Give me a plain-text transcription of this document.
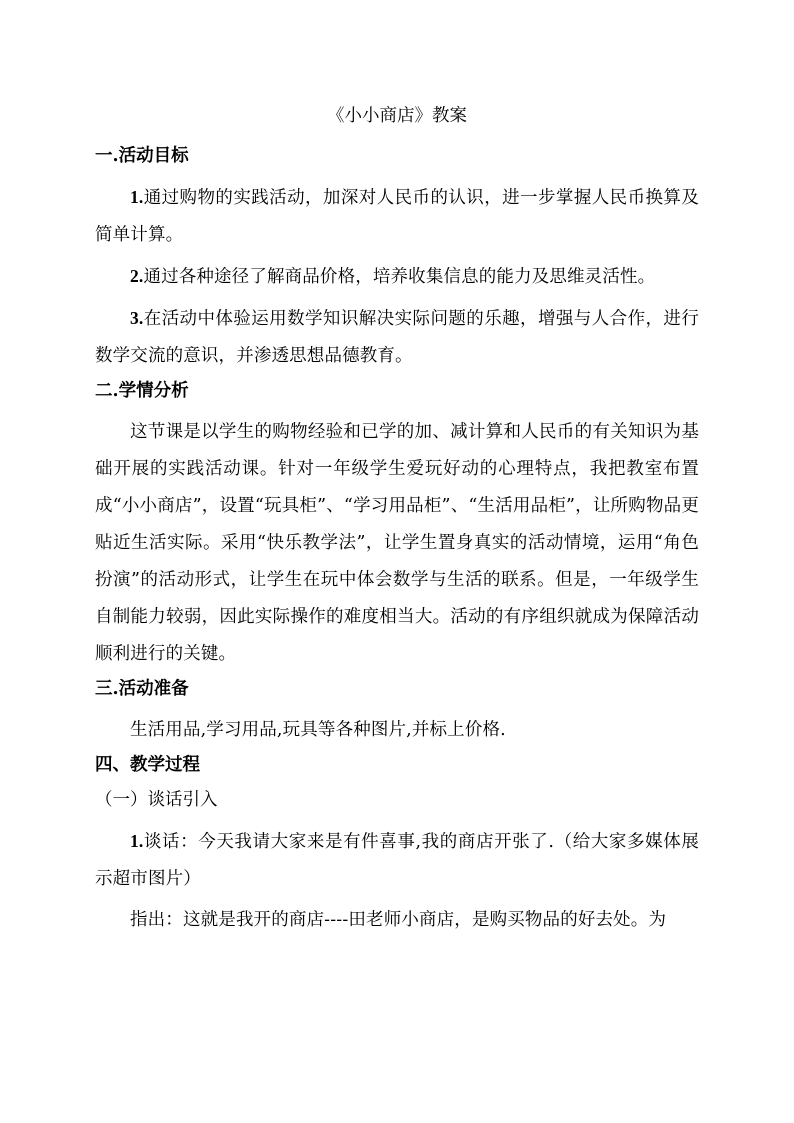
《小小商店》教案
一.活动目标

1.通过购物的实践活动，加深对人民币的认识，进一步掌握人民币换算及简单计算。

2.通过各种途径了解商品价格，培养收集信息的能力及思维灵活性。

3.在活动中体验运用数学知识解决实际问题的乐趣，增强与人合作，进行数学交流的意识，并渗透思想品德教育。

二.学情分析

这节课是以学生的购物经验和已学的加、减计算和人民币的有关知识为基础开展的实践活动课。针对一年级学生爱玩好动的心理特点，我把教室布置成“小小商店”，设置“玩具柜”、“学习用品柜”、“生活用品柜”，让所购物品更贴近生活实际。采用“快乐教学法”，让学生置身真实的活动情境，运用“角色扮演”的活动形式，让学生在玩中体会数学与生活的联系。但是，一年级学生自制能力较弱，因此实际操作的难度相当大。活动的有序组织就成为保障活动顺利进行的关键。

三.活动准备

生活用品,学习用品,玩具等各种图片,并标上价格.

四、教学过程
（一）谈话引入

1.谈话：今天我请大家来是有件喜事,我的商店开张了.（给大家多媒体展示超市图片）

指出：这就是我开的商店----田老师小商店，是购买物品的好去处。为
